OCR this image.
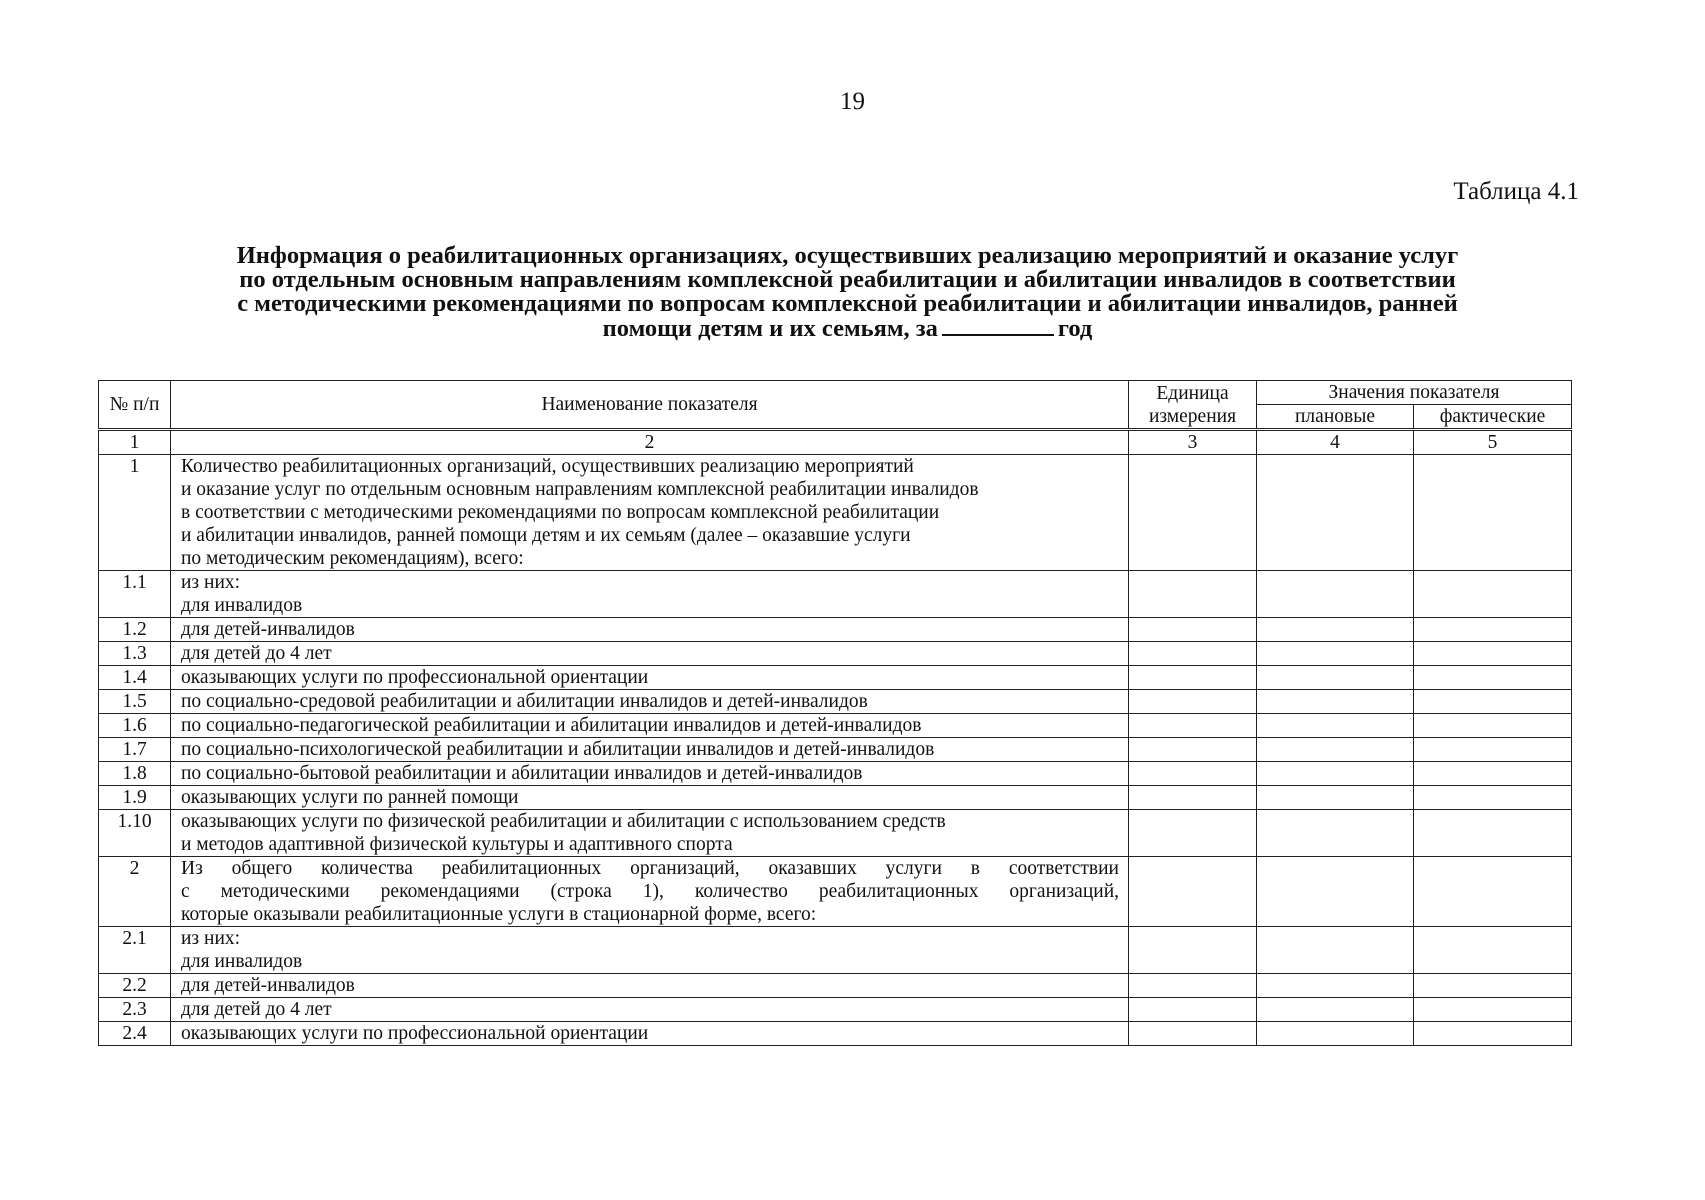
19
Таблица 4.1
Информация о реабилитационных организациях, осуществивших реализацию мероприятий и оказание услуг
по отдельным основным направлениям комплексной реабилитации и абилитации инвалидов в соответствии
с методическими рекомендациями по вопросам комплексной реабилитации и абилитации инвалидов, ранней
помощи детям и их семьям, за	год
№ п/п	Наименование показателя	Единица измерения	Значения показателя	
			плановые	фактические
1	2	3	4	5
1	Количество реабилитационных организаций, осуществивших реализацию мероприятий
и оказание услуг по отдельным основным направлениям комплексной реабилитации инвалидов
в соответствии с методическими рекомендациями по вопросам комплексной реабилитации
и абилитации инвалидов, ранней помощи детям и их семьям (далее – оказавшие услуги
по методическим рекомендациям), всего:			

1.1	из них:
для инвалидов			

1.2	для детей-инвалидов			

1.3	для детей до 4 лет			

1.4	оказывающих услуги по профессиональной ориентации			

1.5	по социально-средовой реабилитации и абилитации инвалидов и детей-инвалидов			

1.6	по социально-педагогической реабилитации и абилитации инвалидов и детей-инвалидов			

1.7	по социально-психологической реабилитации и абилитации инвалидов и детей-инвалидов			

1.8	по социально-бытовой реабилитации и абилитации инвалидов и детей-инвалидов			

1.9	оказывающих услуги по ранней помощи			

1.10	оказывающих услуги по физической реабилитации и абилитации с использованием средств
и методов адаптивной физической культуры и адаптивного спорта			

2	Из общего количества реабилитационных организаций, оказавших услуги в соответствии
с методическими рекомендациями (строка 1), количество реабилитационных организаций,
которые оказывали реабилитационные услуги в стационарной форме, всего:			

2.1	из них:
для инвалидов			

2.2	для детей-инвалидов			

2.3	для детей до 4 лет			

2.4	оказывающих услуги по профессиональной ориентации			
